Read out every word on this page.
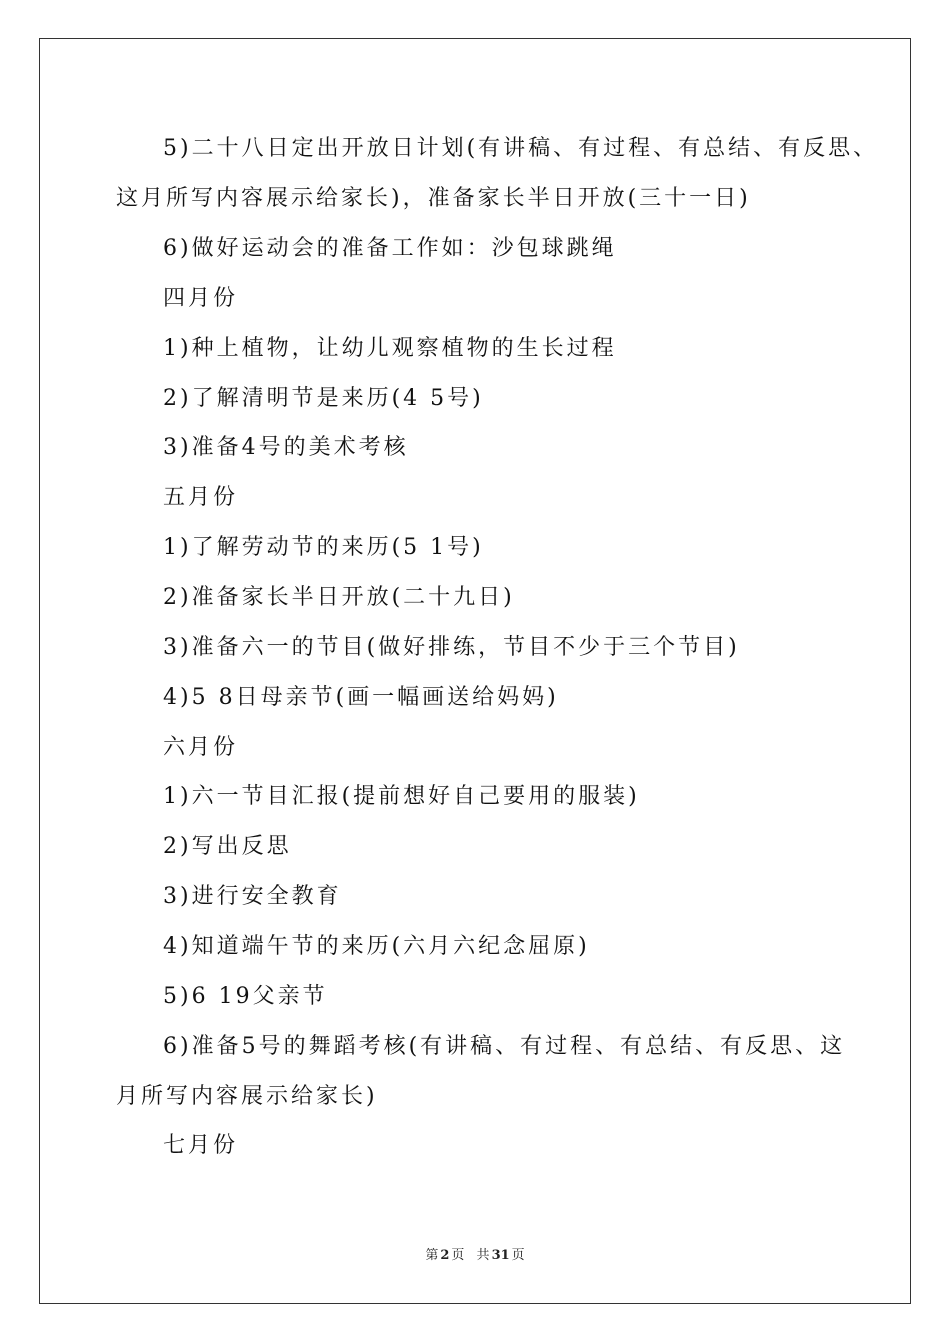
5)二十八日定出开放日计划(有讲稿、有过程、有总结、有反思、
这月所写内容展示给家长)，准备家长半日开放(三十一日)
6)做好运动会的准备工作如：沙包球跳绳
四月份
1)种上植物，让幼儿观察植物的生长过程
2)了解清明节是来历(4 5号)
3)准备4号的美术考核
五月份
1)了解劳动节的来历(5 1号)
2)准备家长半日开放(二十九日)
3)准备六一的节目(做好排练，节目不少于三个节目)
4)5 8日母亲节(画一幅画送给妈妈)
六月份
1)六一节目汇报(提前想好自己要用的服装)
2)写出反思
3)进行安全教育
4)知道端午节的来历(六月六纪念屈原)
5)6 19父亲节
6)准备5号的舞蹈考核(有讲稿、有过程、有总结、有反思、这
月所写内容展示给家长)
七月份
第 2 页 共 31 页
